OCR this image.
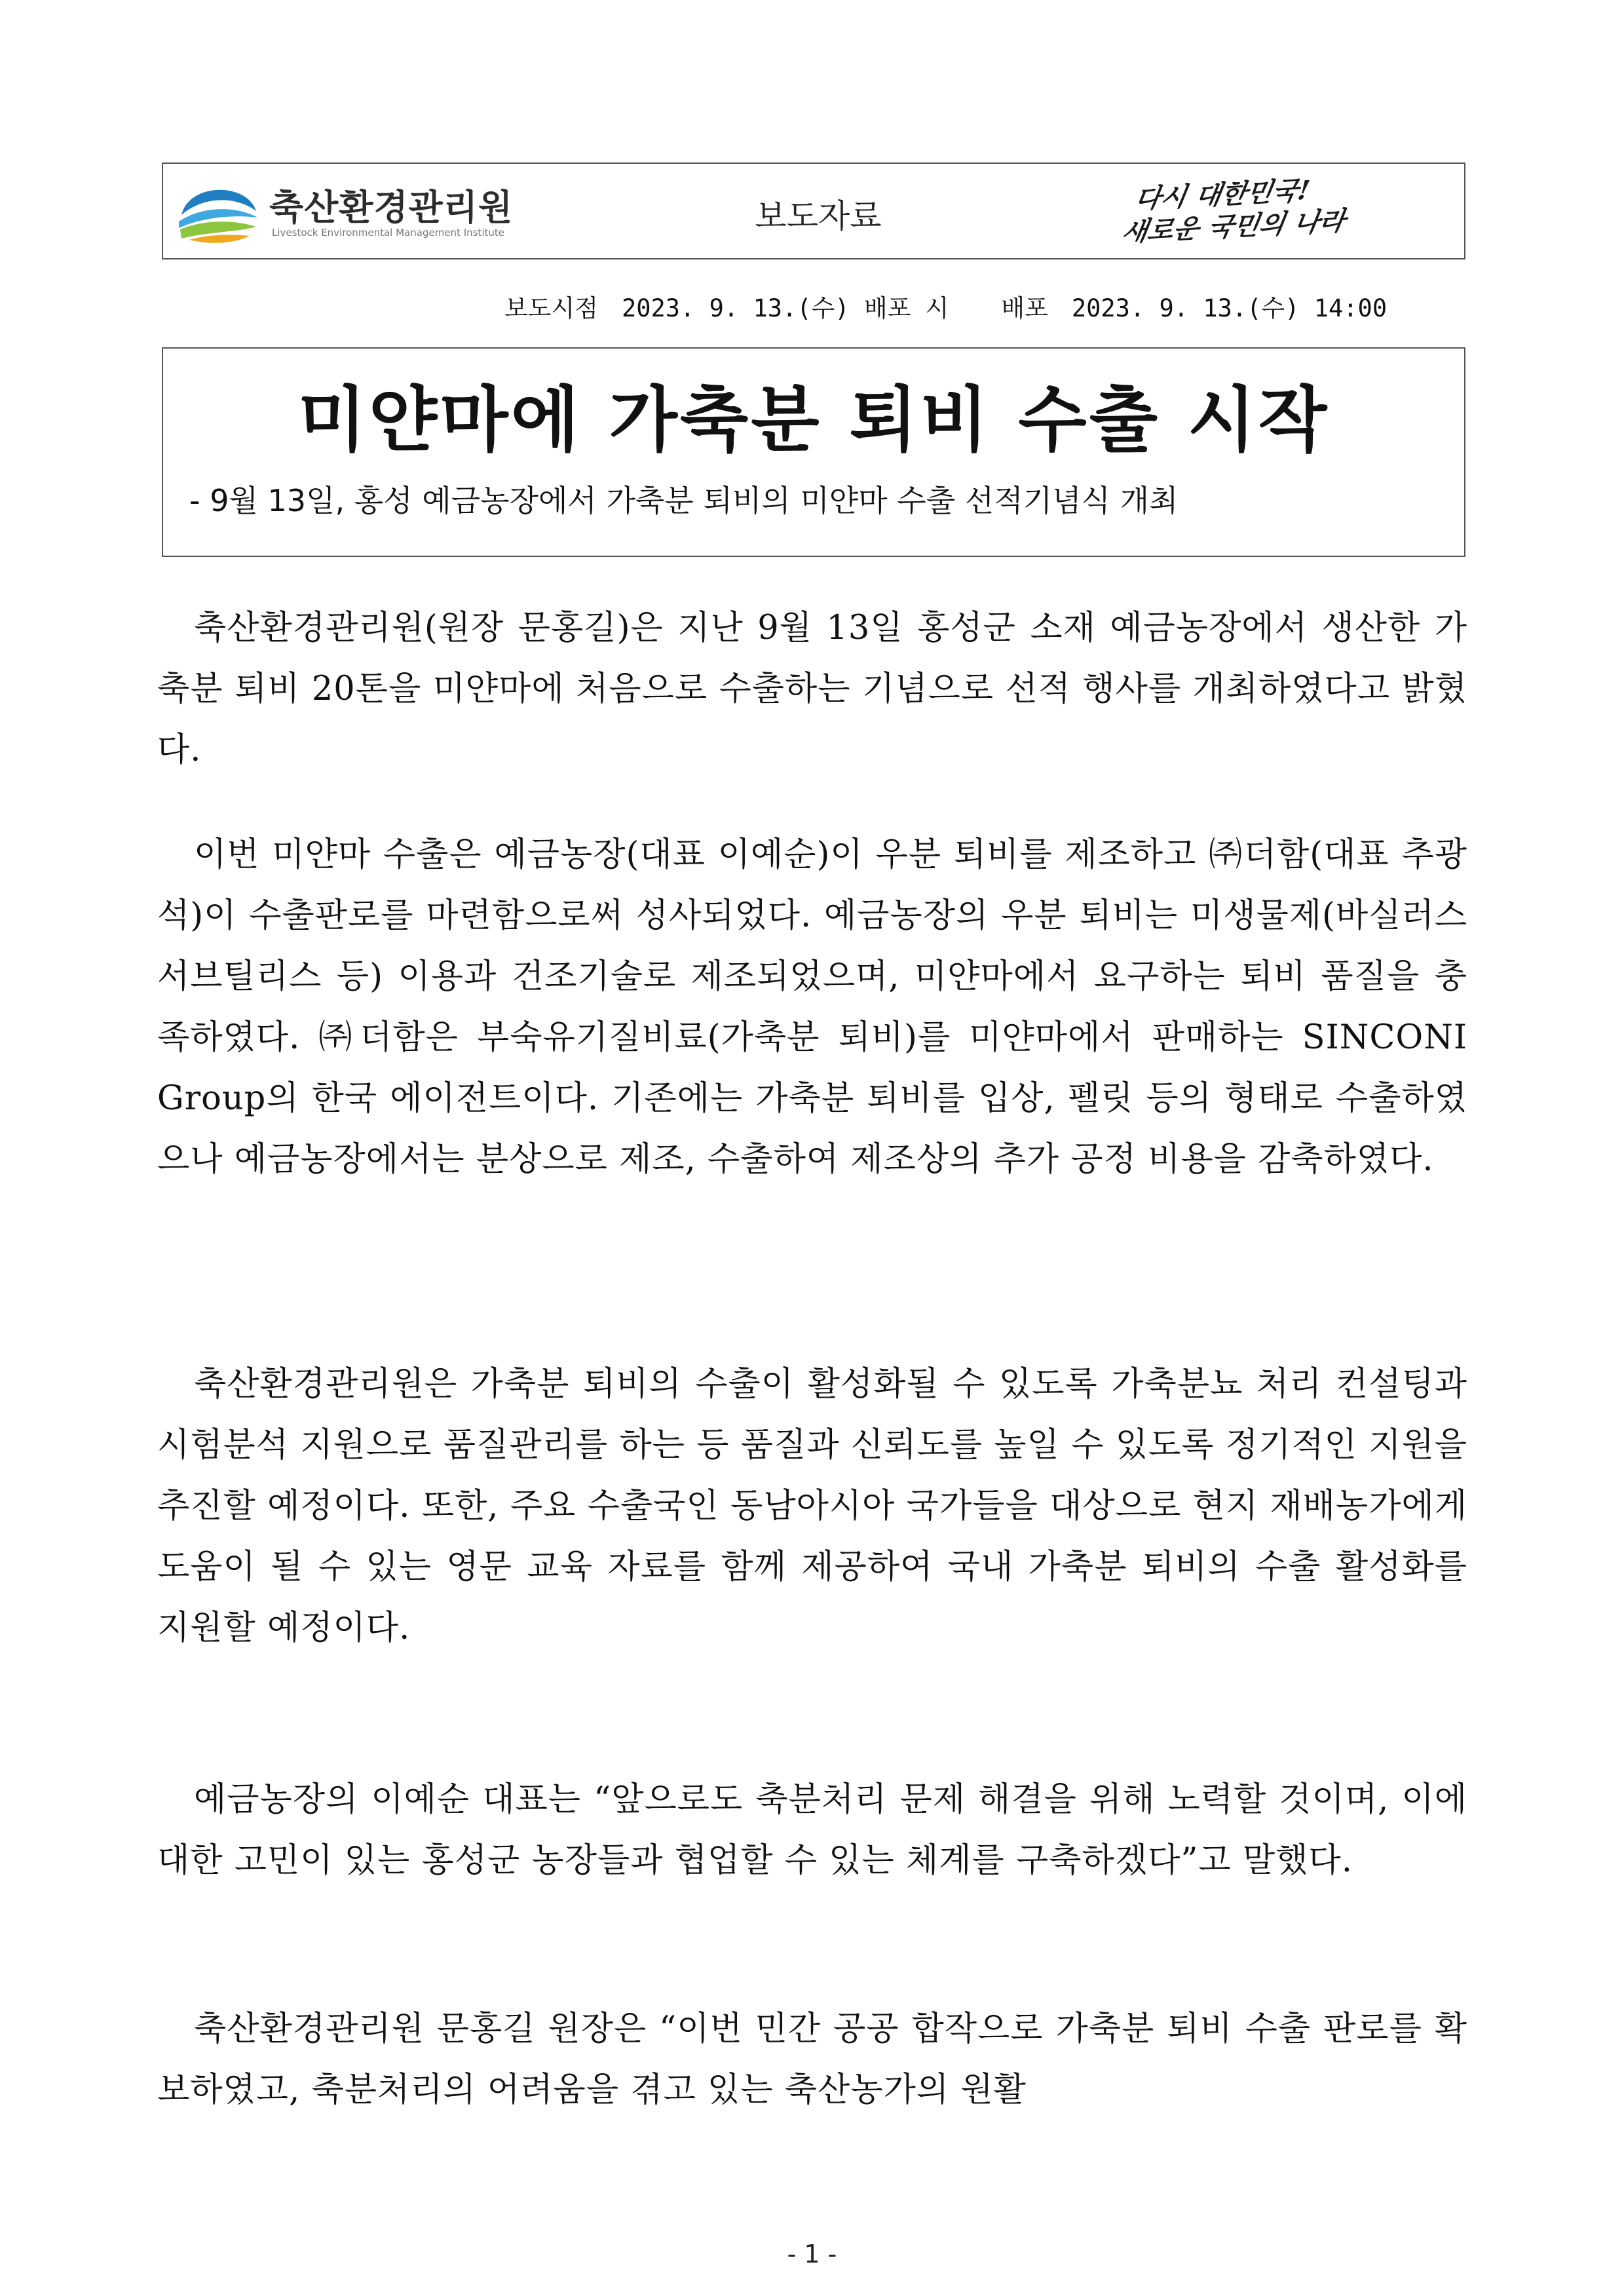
축산환경관리원
Livestock Environmental Management Institute	보도자료
다시 대한민국!
새로운 국민의 나라
보도시점 2023. 9. 13.(수) 배포 시 배포 2023. 9. 13.(수) 14:00
미얀마에 가축분 퇴비 수출 시작
- 9월 13일, 홍성 예금농장에서 가축분 퇴비의 미얀마 수출 선적기념식 개최

축산환경관리원(원장 문홍길)은 지난 9월 13일 홍성군 소재 예금농장에서 생산한 가축분 퇴비 20톤을 미얀마에 처음으로 수출하는 기념으로 선적 행사를 개최하였다고 밝혔다.

이번 미얀마 수출은 예금농장(대표 이예순)이 우분 퇴비를 제조하고 ㈜더함(대표 추광석)이 수출판로를 마련함으로써 성사되었다. 예금농장의 우분 퇴비는 미생물제(바실러스 서브틸리스 등) 이용과 건조기술로 제조되었으며, 미얀마에서 요구하는 퇴비 품질을 충족하였다. ㈜더함은 부숙유기질비료(가축분 퇴비)를 미얀마에서 판매하는 SINCONI Group의 한국 에이전트이다. 기존에는 가축분 퇴비를 입상, 펠릿 등의 형태로 수출하였으나 예금농장에서는 분상으로 제조, 수출하여 제조상의 추가 공정 비용을 감축하였다.

축산환경관리원은 가축분 퇴비의 수출이 활성화될 수 있도록 가축분뇨 처리 컨설팅과 시험분석 지원으로 품질관리를 하는 등 품질과 신뢰도를 높일 수 있도록 정기적인 지원을 추진할 예정이다. 또한, 주요 수출국인 동남아시아 국가들을 대상으로 현지 재배농가에게 도움이 될 수 있는 영문 교육 자료를 함께 제공하여 국내 가축분 퇴비의 수출 활성화를 지원할 예정이다.

예금농장의 이예순 대표는 “앞으로도 축분처리 문제 해결을 위해 노력할 것이며, 이에 대한 고민이 있는 홍성군 농장들과 협업할 수 있는 체계를 구축하겠다”고 말했다.

축산환경관리원 문홍길 원장은 “이번 민간 공공 합작으로 가축분 퇴비 수출 판로를 확보하였고, 축분처리의 어려움을 겪고 있는 축산농가의 원활

- 1 -
